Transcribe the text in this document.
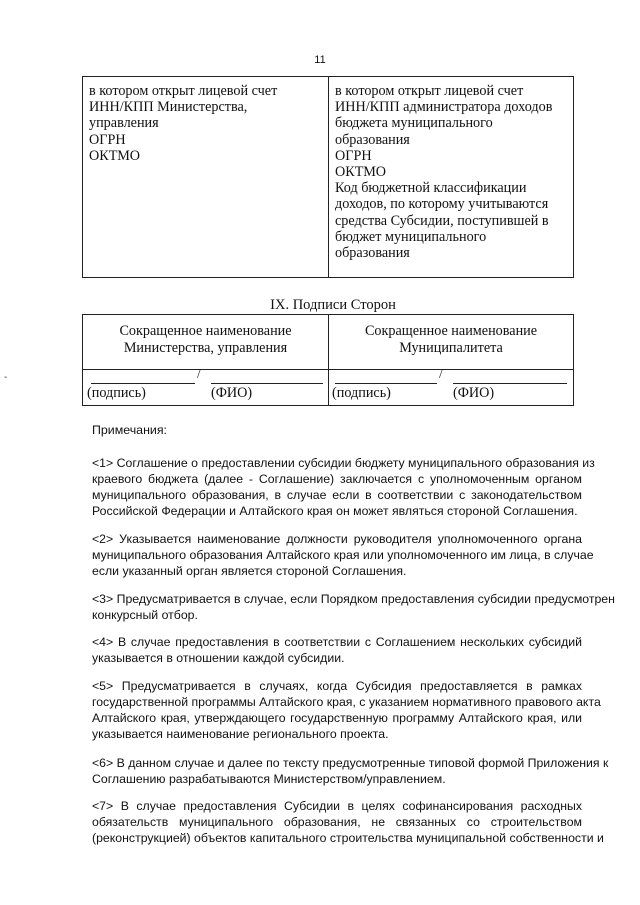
11
-
в котором открыт лицевой счет
ИНН/КПП Министерства,
управления
ОГРН
ОКТМО
в котором открыт лицевой счет
ИНН/КПП администратора доходов
бюджета муниципального
образования
ОГРН
ОКТМО
Код бюджетной классификации
доходов, по которому учитываются
средства Субсидии, поступившей в
бюджет муниципального
образования
IX. Подписи Сторон
Сокращенное наименование
Министерства, управления
/
(подпись)	(ФИО)
Сокращенное наименование
Муниципалитета
/
(подпись)	(ФИО)
Примечания:
<1> Соглашение о предоставлении субсидии бюджету муниципального образования из
краевого бюджета (далее - Соглашение) заключается с уполномоченным органом
муниципального образования, в случае если в соответствии с законодательством
Российской Федерации и Алтайского края он может являться стороной Соглашения.
<2> Указывается наименование должности руководителя уполномоченного органа
муниципального образования Алтайского края или уполномоченного им лица, в случае
если указанный орган является стороной Соглашения.
<3> Предусматривается в случае, если Порядком предоставления субсидии предусмотрен
конкурсный отбор.
<4> В случае предоставления в соответствии с Соглашением нескольких субсидий
указывается в отношении каждой субсидии.
<5> Предусматривается в случаях, когда Субсидия предоставляется в рамках
государственной программы Алтайского края, с указанием нормативного правового акта
Алтайского края, утверждающего государственную программу Алтайского края, или
указывается наименование регионального проекта.
<6> В данном случае и далее по тексту предусмотренные типовой формой Приложения к
Соглашению разрабатываются Министерством/управлением.
<7> В случае предоставления Субсидии в целях софинансирования расходных
обязательств муниципального образования, не связанных со строительством
(реконструкцией) объектов капитального строительства муниципальной собственности и
